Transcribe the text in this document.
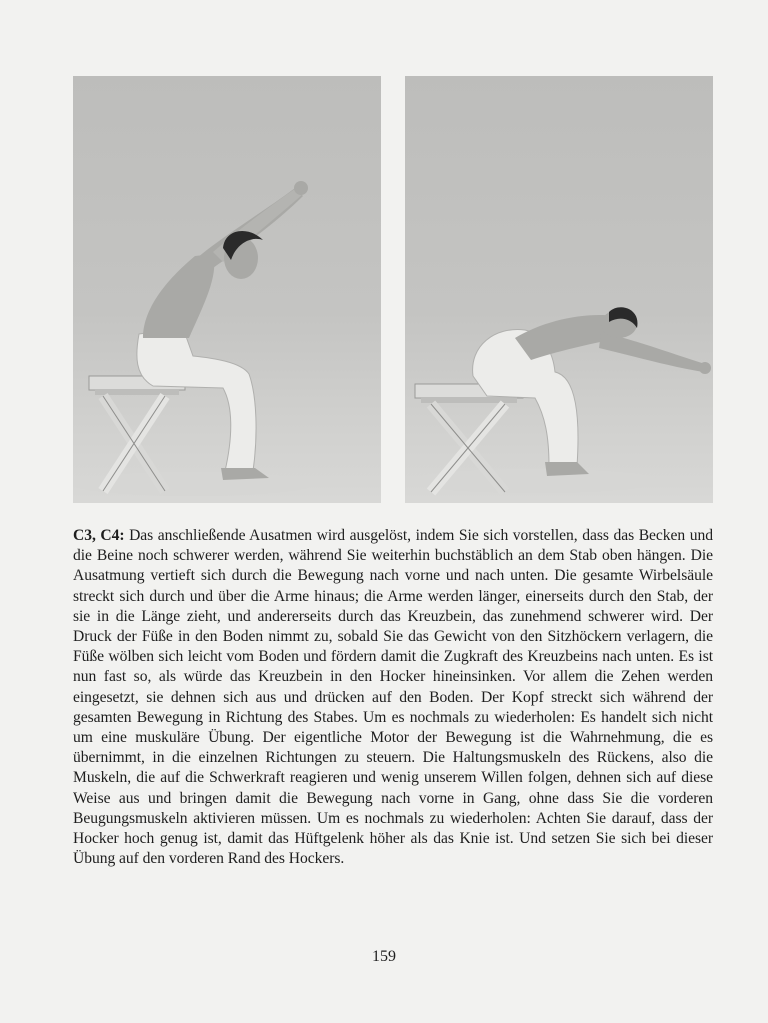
C3, C4: Das anschließende Ausatmen wird ausgelöst, indem Sie sich vorstellen, dass das Becken und die Beine noch schwerer werden, während Sie weiterhin buchstäblich an dem Stab oben hängen. Die Ausatmung vertieft sich durch die Bewegung nach vorne und nach unten. Die gesamte Wirbelsäule streckt sich durch und über die Arme hinaus; die Arme werden länger, einerseits durch den Stab, der sie in die Länge zieht, und andererseits durch das Kreuzbein, das zunehmend schwerer wird. Der Druck der Füße in den Boden nimmt zu, sobald Sie das Gewicht von den Sitzhöckern verlagern, die Füße wölben sich leicht vom Boden und fördern damit die Zugkraft des Kreuzbeins nach unten. Es ist nun fast so, als würde das Kreuzbein in den Hocker hineinsinken. Vor allem die Zehen werden eingesetzt, sie dehnen sich aus und drücken auf den Boden. Der Kopf streckt sich während der gesamten Bewegung in Richtung des Stabes. Um es nochmals zu wiederholen: Es handelt sich nicht um eine muskuläre Übung. Der eigentliche Motor der Bewegung ist die Wahrnehmung, die es übernimmt, in die einzelnen Richtungen zu steuern. Die Haltungsmuskeln des Rückens, also die Muskeln, die auf die Schwerkraft reagieren und wenig unserem Willen folgen, dehnen sich auf diese Weise aus und bringen damit die Bewegung nach vorne in Gang, ohne dass Sie die vorderen Beugungsmuskeln aktivieren müssen. Um es nochmals zu wiederholen: Achten Sie darauf, dass der Hocker hoch genug ist, damit das Hüftgelenk höher als das Knie ist. Und setzen Sie sich bei dieser Übung auf den vorderen Rand des Hockers.
159
